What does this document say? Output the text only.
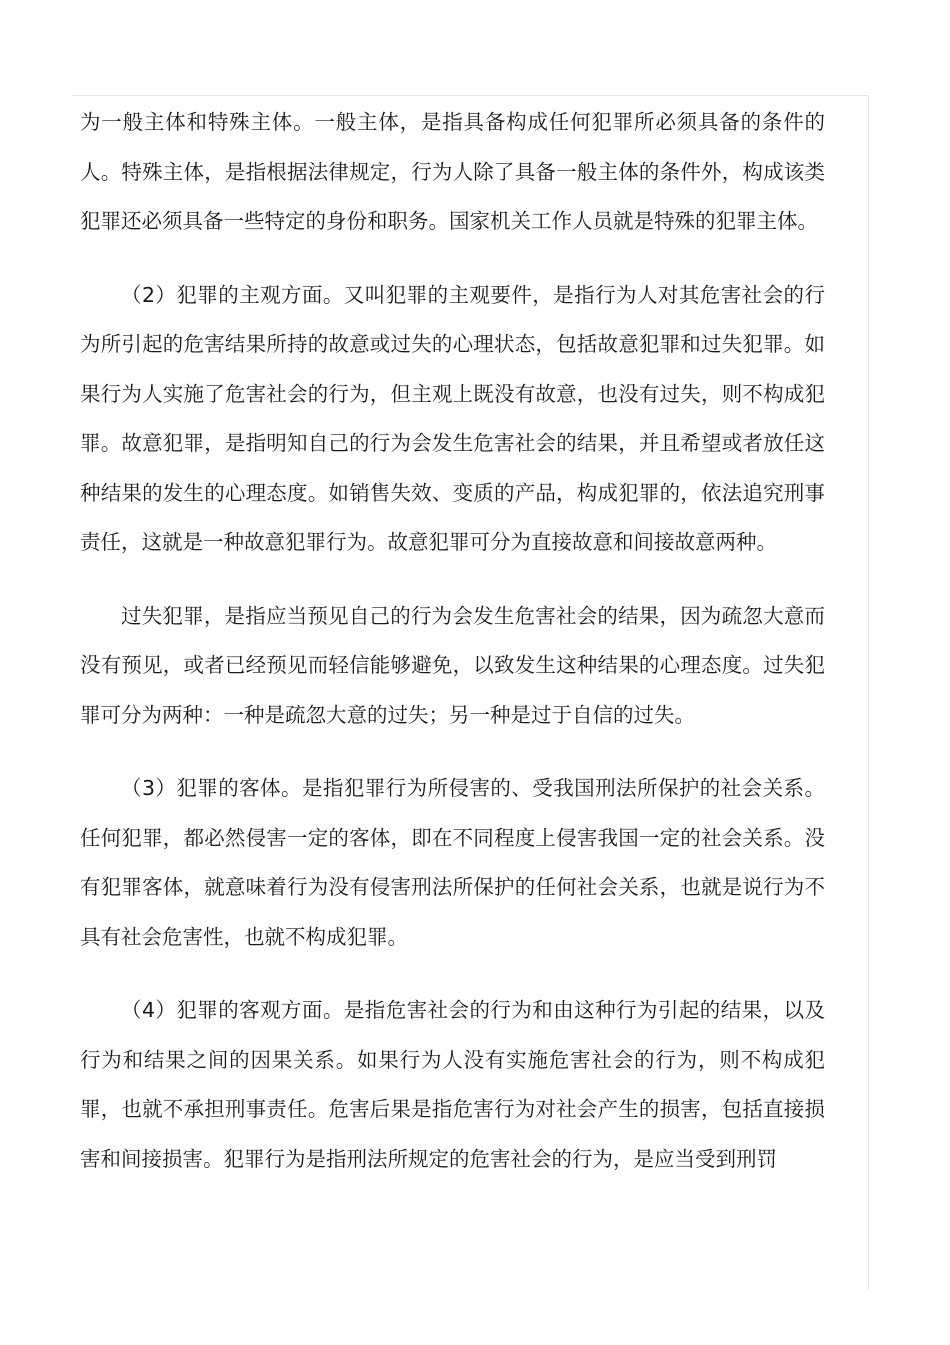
为一般主体和特殊主体。一般主体，是指具备构成任何犯罪所必须具备的条件的人。特殊主体，是指根据法律规定，行为人除了具备一般主体的条件外，构成该类犯罪还必须具备一些特定的身份和职务。国家机关工作人员就是特殊的犯罪主体。

（2）犯罪的主观方面。又叫犯罪的主观要件，是指行为人对其危害社会的行为所引起的危害结果所持的故意或过失的心理状态，包括故意犯罪和过失犯罪。如果行为人实施了危害社会的行为，但主观上既没有故意，也没有过失，则不构成犯罪。故意犯罪，是指明知自己的行为会发生危害社会的结果，并且希望或者放任这种结果的发生的心理态度。如销售失效、变质的产品，构成犯罪的，依法追究刑事责任，这就是一种故意犯罪行为。故意犯罪可分为直接故意和间接故意两种。

过失犯罪，是指应当预见自己的行为会发生危害社会的结果，因为疏忽大意而没有预见，或者已经预见而轻信能够避免，以致发生这种结果的心理态度。过失犯罪可分为两种：一种是疏忽大意的过失；另一种是过于自信的过失。

（3）犯罪的客体。是指犯罪行为所侵害的、受我国刑法所保护的社会关系。任何犯罪，都必然侵害一定的客体，即在不同程度上侵害我国一定的社会关系。没有犯罪客体，就意味着行为没有侵害刑法所保护的任何社会关系，也就是说行为不具有社会危害性，也就不构成犯罪。

（4）犯罪的客观方面。是指危害社会的行为和由这种行为引起的结果，以及行为和结果之间的因果关系。如果行为人没有实施危害社会的行为，则不构成犯罪，也就不承担刑事责任。危害后果是指危害行为对社会产生的损害，包括直接损害和间接损害。犯罪行为是指刑法所规定的危害社会的行为，是应当受到刑罚
